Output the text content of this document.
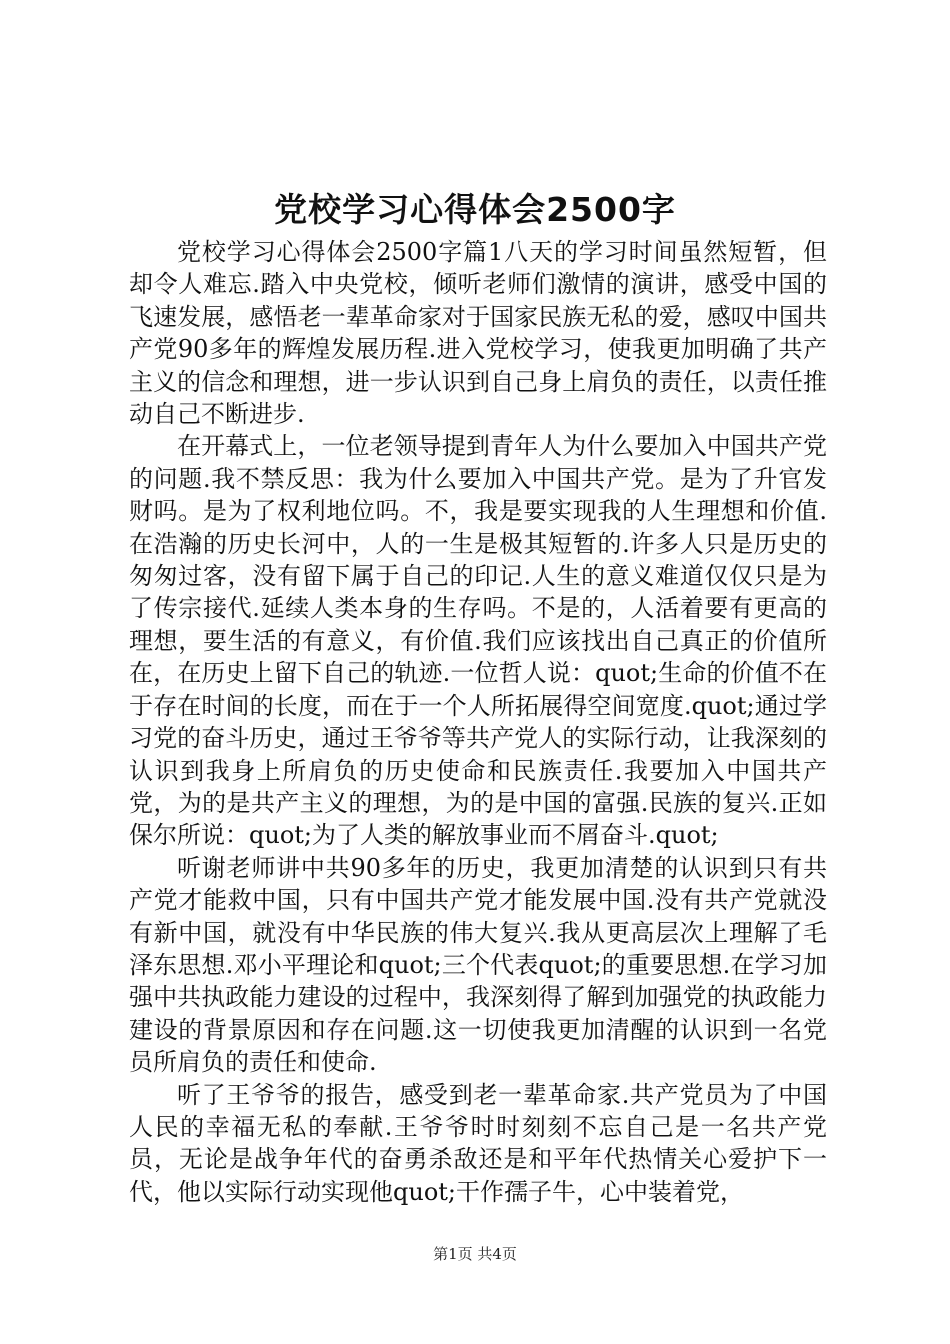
党校学习心得体会2500字

党校学习心得体会2500字篇1八天的学习时间虽然短暂，但却令人难忘.踏入中央党校，倾听老师们激情的演讲，感受中国的飞速发展，感悟老一辈革命家对于国家民族无私的爱，感叹中国共产党90多年的辉煌发展历程.进入党校学习，使我更加明确了共产主义的信念和理想，进一步认识到自己身上肩负的责任，以责任推动自己不断进步.

在开幕式上，一位老领导提到青年人为什么要加入中国共产党的问题.我不禁反思：我为什么要加入中国共产党。是为了升官发财吗。是为了权利地位吗。不，我是要实现我的人生理想和价值.在浩瀚的历史长河中，人的一生是极其短暂的.许多人只是历史的匆匆过客，没有留下属于自己的印记.人生的意义难道仅仅只是为了传宗接代.延续人类本身的生存吗。不是的，人活着要有更高的理想，要生活的有意义，有价值.我们应该找出自己真正的价值所在，在历史上留下自己的轨迹.一位哲人说：quot;生命的价值不在于存在时间的长度，而在于一个人所拓展得空间宽度.quot;通过学习党的奋斗历史，通过王爷爷等共产党人的实际行动，让我深刻的认识到我身上所肩负的历史使命和民族责任.我要加入中国共产党，为的是共产主义的理想，为的是中国的富强.民族的复兴.正如保尔所说：quot;为了人类的解放事业而不屑奋斗.quot;

听谢老师讲中共90多年的历史，我更加清楚的认识到只有共产党才能救中国，只有中国共产党才能发展中国.没有共产党就没有新中国，就没有中华民族的伟大复兴.我从更高层次上理解了毛泽东思想.邓小平理论和quot;三个代表quot;的重要思想.在学习加强中共执政能力建设的过程中，我深刻得了解到加强党的执政能力建设的背景原因和存在问题.这一切使我更加清醒的认识到一名党员所肩负的责任和使命.

听了王爷爷的报告，感受到老一辈革命家.共产党员为了中国人民的幸福无私的奉献.王爷爷时时刻刻不忘自己是一名共产党员，无论是战争年代的奋勇杀敌还是和平年代热情关心爱护下一代，他以实际行动实现他quot;干作孺子牛，心中装着党，

第1页 共4页
